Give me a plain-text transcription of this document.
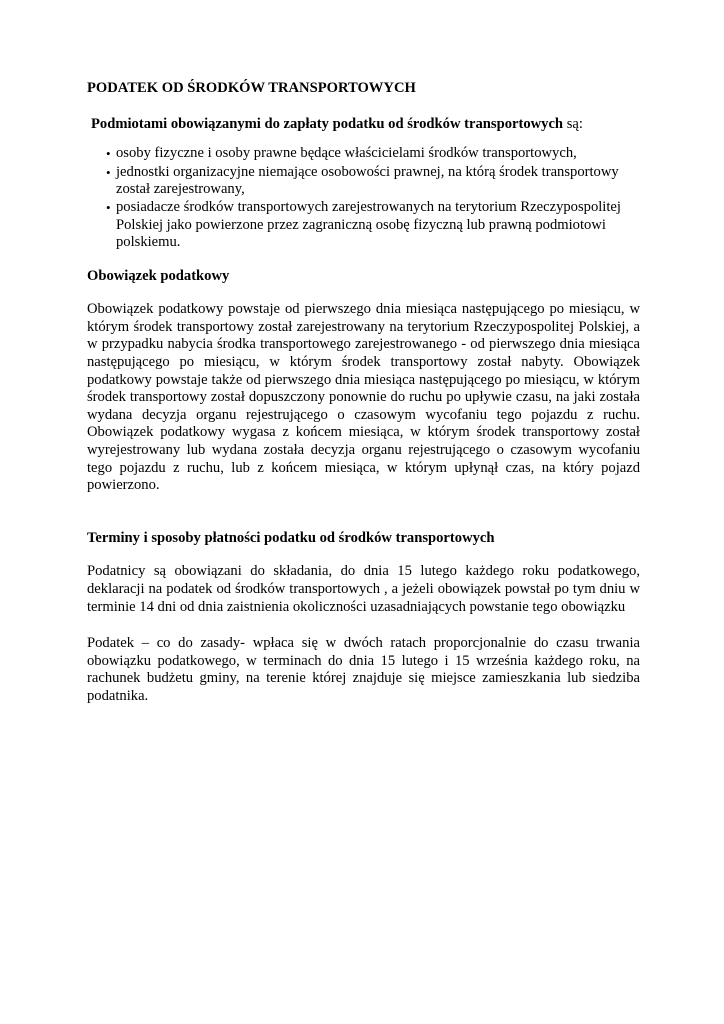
PODATEK OD ŚRODKÓW TRANSPORTOWYCH
Podmiotami obowiązanymi do zapłaty podatku od środków transportowych są:
• osoby fizyczne i osoby prawne będące właścicielami środków transportowych,
• jednostki organizacyjne niemające osobowości prawnej, na którą środek transportowy został zarejestrowany,
• posiadacze środków transportowych zarejestrowanych na terytorium Rzeczypospolitej Polskiej jako powierzone przez zagraniczną osobę fizyczną lub prawną podmiotowi polskiemu.
Obowiązek podatkowy

Obowiązek podatkowy powstaje od pierwszego dnia miesiąca następującego po miesiącu, w którym środek transportowy został zarejestrowany na terytorium Rzeczypospolitej Polskiej, a w przypadku nabycia środka transportowego zarejestrowanego - od pierwszego dnia miesiąca następującego po miesiącu, w którym środek transportowy został nabyty. Obowiązek podatkowy powstaje także od pierwszego dnia miesiąca następującego po miesiącu, w którym środek transportowy został dopuszczony ponownie do ruchu po upływie czasu, na jaki została wydana decyzja organu rejestrującego o czasowym wycofaniu tego pojazdu z ruchu. Obowiązek podatkowy wygasa z końcem miesiąca, w którym środek transportowy został wyrejestrowany lub wydana została decyzja organu rejestrującego o czasowym wycofaniu tego pojazdu z ruchu, lub z końcem miesiąca, w którym upłynął czas, na który pojazd powierzono.

Terminy i sposoby płatności podatku od środków transportowych

Podatnicy są obowiązani do składania, do dnia 15 lutego każdego roku podatkowego, deklaracji na podatek od środków transportowych , a jeżeli obowiązek powstał po tym dniu w terminie 14 dni od dnia zaistnienia okoliczności uzasadniających powstanie tego obowiązku

Podatek – co do zasady- wpłaca się w dwóch ratach proporcjonalnie do czasu trwania obowiązku podatkowego, w terminach do dnia 15 lutego i 15 września każdego roku, na rachunek budżetu gminy, na terenie której znajduje się miejsce zamieszkania lub siedziba podatnika.
